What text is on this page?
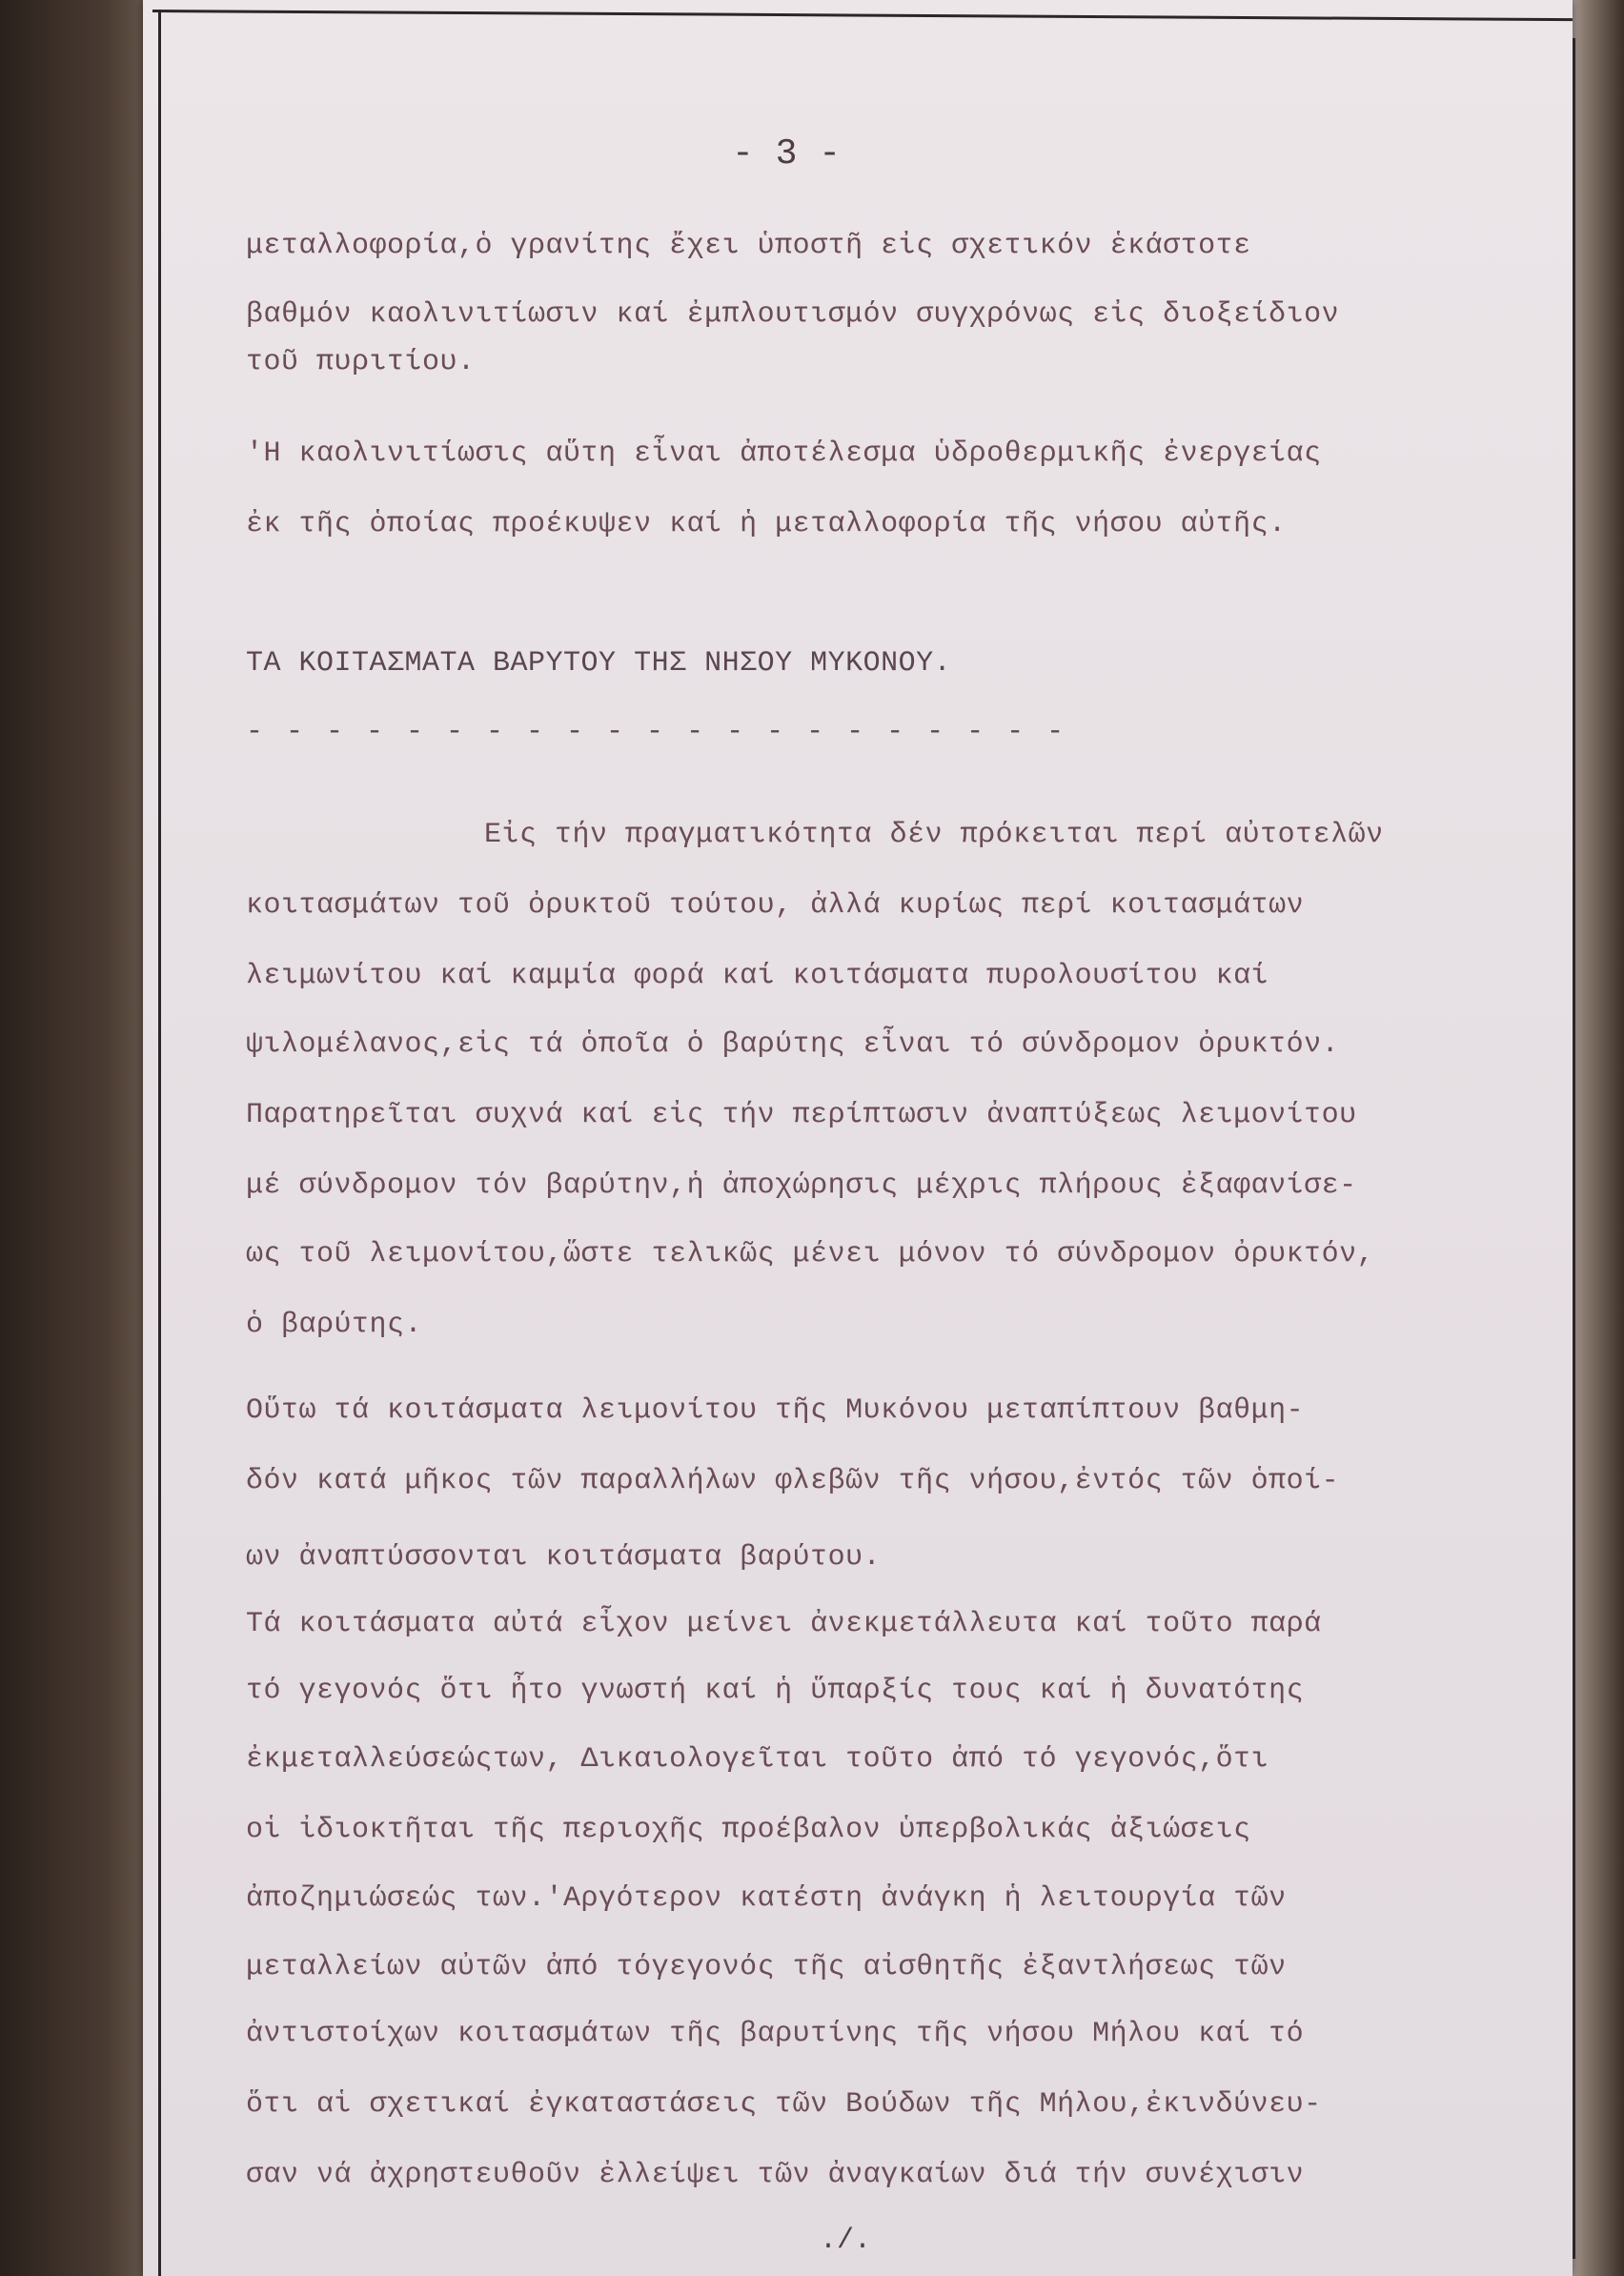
- 3 -

μεταλλοφορία,ὁ γρανίτης ἔχει ὑποστῆ εἰς σχετικόν ἑκάστοτε

βαθμόν καολινιτίωσιν καί ἐμπλουτισμόν συγχρόνως εἰς διοξείδιον

τοῦ πυριτίου.

'Η καολινιτίωσις αὕτη εἶναι ἀποτέλεσμα ὑδροθερμικῆς ἐνεργείας

ἐκ τῆς ὁποίας προέκυψεν καί ἡ μεταλλοφορία τῆς νήσου αὐτῆς.

ΤΑ ΚΟΙΤΑΣΜΑΤΑ ΒΑΡΥΤΟΥ ΤΗΣ ΝΗΣΟΥ ΜΥΚΟΝΟΥ.

- - - - - - - - - - - - - - - - - - - - -

Εἰς τήν πραγματικότητα δέν πρόκειται περί αὐτοτελῶν

κοιτασμάτων τοῦ ὀρυκτοῦ τούτου, ἀλλά κυρίως περί κοιτασμάτων

λειμωνίτου καί καμμία φορά καί κοιτάσματα πυρολουσίτου καί

ψιλομέλανος,εἰς τά ὁποῖα ὁ βαρύτης εἶναι τό σύνδρομον ὀρυκτόν.

Παρατηρεῖται συχνά καί εἰς τήν περίπτωσιν ἀναπτύξεως λειμονίτου

μέ σύνδρομον τόν βαρύτην,ἡ ἀποχώρησις μέχρις πλήρους ἐξαφανίσε-

ως τοῦ λειμονίτου,ὥστε τελικῶς μένει μόνον τό σύνδρομον ὀρυκτόν,

ὁ βαρύτης.

Οὕτω τά κοιτάσματα λειμονίτου τῆς Μυκόνου μεταπίπτουν βαθμη-

δόν κατά μῆκος τῶν παραλλήλων φλεβῶν τῆς νήσου,ἐντός τῶν ὁποί-

ων ἀναπτύσσονται κοιτάσματα βαρύτου.

Τά κοιτάσματα αὐτά εἶχον μείνει ἀνεκμετάλλευτα καί τοῦτο παρά

τό γεγονός ὅτι ἦτο γνωστή καί ἡ ὕπαρξίς τους καί ἡ δυνατότης

ἐκμεταλλεύσεώςτων, Δικαιολογεῖται τοῦτο ἀπό τό γεγονός,ὅτι

οἱ ἰδιοκτῆται τῆς περιοχῆς προέβαλον ὑπερβολικάς ἀξιώσεις

ἀποζημιώσεώς των.'Αργότερον κατέστη ἀνάγκη ἡ λειτουργία τῶν

μεταλλείων αὐτῶν ἀπό τόγεγονός τῆς αἰσθητῆς ἐξαντλήσεως τῶν

ἀντιστοίχων κοιτασμάτων τῆς βαρυτίνης τῆς νήσου Μήλου καί τό

ὅτι αἱ σχετικαί ἐγκαταστάσεις τῶν Βούδων τῆς Μήλου,ἐκινδύνευ-

σαν νά ἀχρηστευθοῦν ἐλλείψει τῶν ἀναγκαίων διά τήν συνέχισιν

./.
